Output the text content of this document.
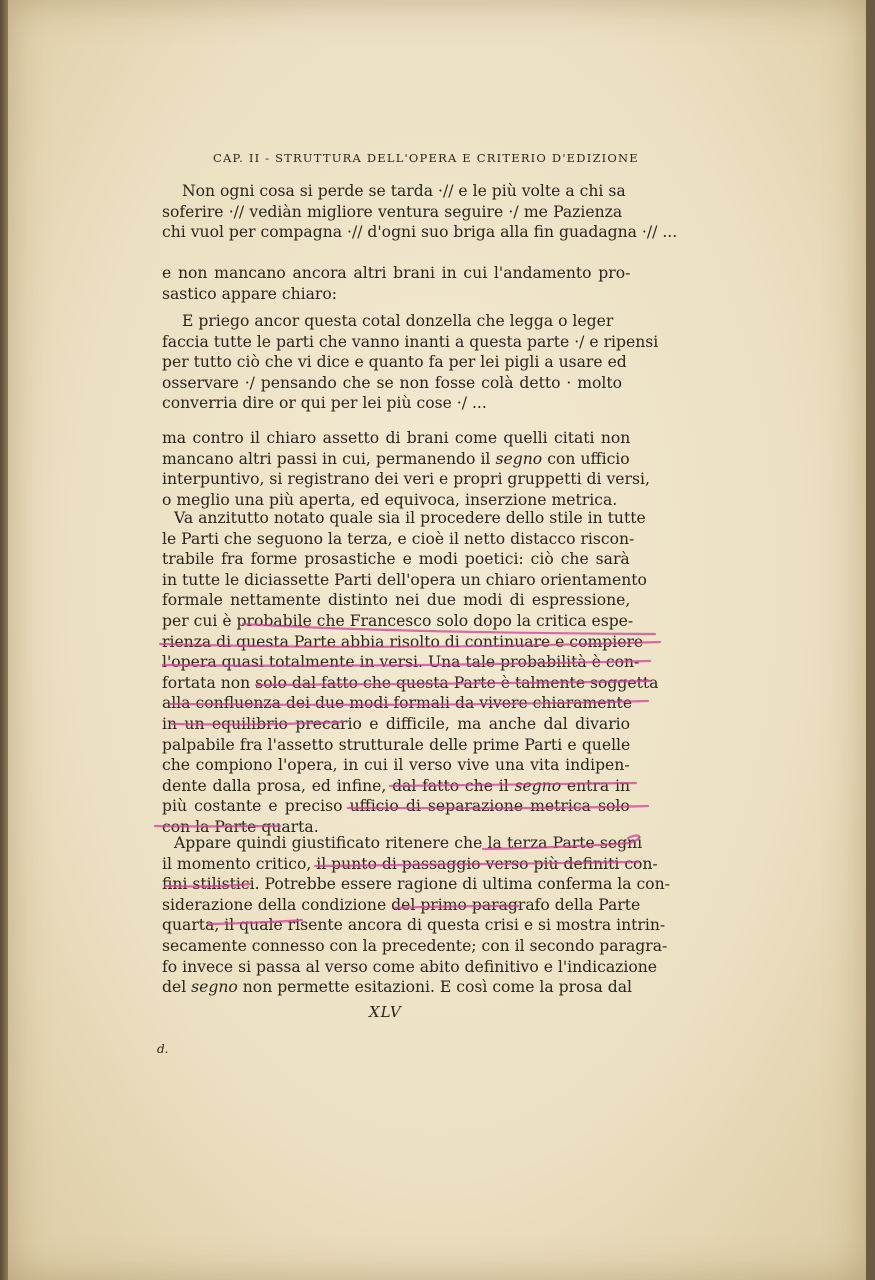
CAP. II - STRUTTURA DELL'OPERA E CRITERIO D'EDIZIONE
Non ogni cosa si perde se tarda ·// e le più volte a chi sa
soferire ·// vediàn migliore ventura seguire ·/ me Pazienza
chi vuol per compagna ·// d'ogni suo briga alla fin guadagna ·// ...
e non mancano ancora altri brani in cui l'andamento pro-
sastico appare chiaro:
E priego ancor questa cotal donzella che legga o leger
faccia tutte le parti che vanno inanti a questa parte ·/ e ripensi
per tutto ciò che vi dice e quanto fa per lei pigli a usare ed
osservare ·/ pensando che se non fosse colà detto · molto
converria dire or qui per lei più cose ·/ ...
ma contro il chiaro assetto di brani come quelli citati non
mancano altri passi in cui, permanendo il segno con ufficio
interpuntivo, si registrano dei veri e propri gruppetti di versi,
o meglio una più aperta, ed equivoca, inserzione metrica.
Va anzitutto notato quale sia il procedere dello stile in tutte
le Parti che seguono la terza, e cioè il netto distacco riscon-
trabile fra forme prosastiche e modi poetici: ciò che sarà
in tutte le diciassette Parti dell'opera un chiaro orientamento
formale nettamente distinto nei due modi di espressione,
per cui è probabile che Francesco solo dopo la critica espe-
rienza di questa Parte abbia risolto di continuare e compiere
l'opera quasi totalmente in versi. Una tale probabilità è con-
fortata non solo dal fatto che questa Parte è talmente soggetta
alla confluenza dei due modi formali da vivere chiaramente
in un equilibrio precario e difficile, ma anche dal divario
palpabile fra l'assetto strutturale delle prime Parti e quelle
che compiono l'opera, in cui il verso vive una vita indipen-
dente dalla prosa, ed infine, dal fatto che il segno entra in
più costante e preciso ufficio di separazione metrica solo
con la Parte quarta.
Appare quindi giustificato ritenere che la terza Parte segni
il momento critico, il punto di passaggio verso più definiti con-
fini stilistici. Potrebbe essere ragione di ultima conferma la con-
siderazione della condizione del primo paragrafo della Parte
quarta, il quale risente ancora di questa crisi e si mostra intrin-
secamente connesso con la precedente; con il secondo paragra-
fo invece si passa al verso come abito definitivo e l'indicazione
del segno non permette esitazioni. E così come la prosa dal
XLV
d.
